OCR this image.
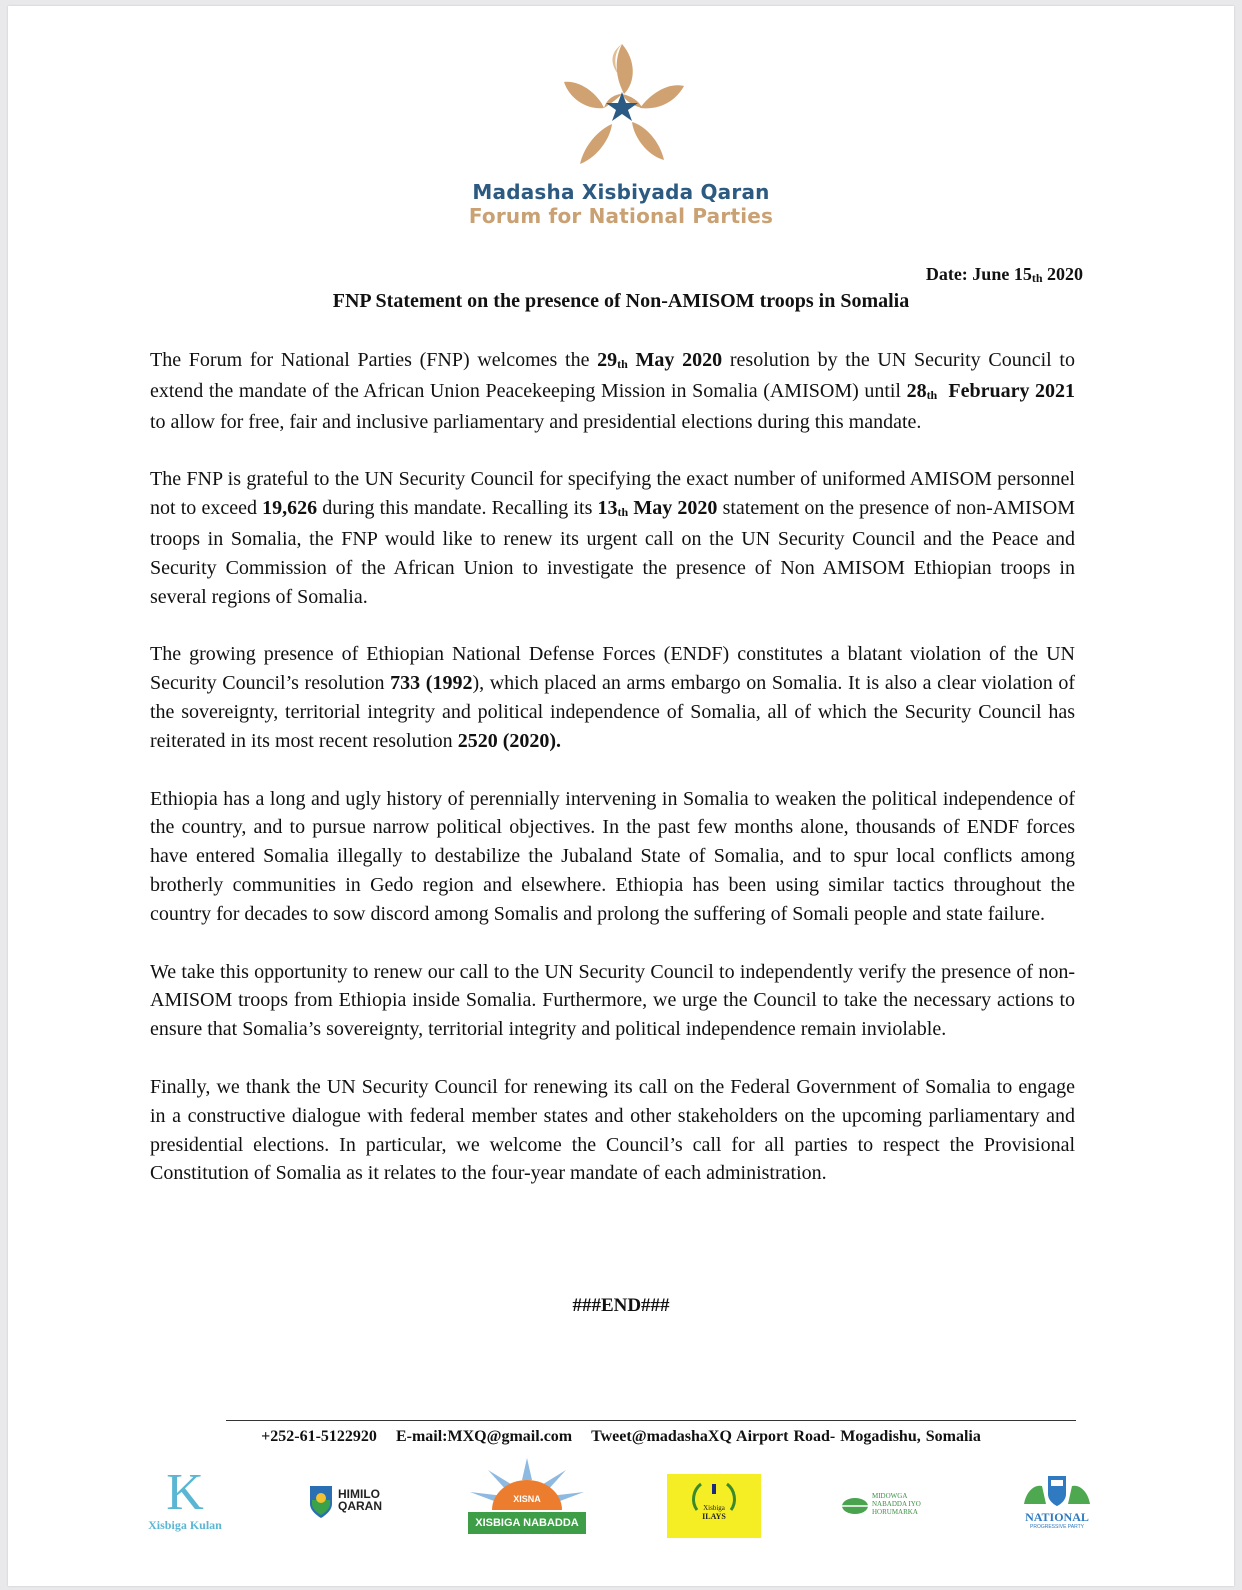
Madasha Xisbiyada Qaran
Forum for National Parties
Date: June $15_{th}$ 2020
FNP Statement on the presence of Non-AMISOM troops in Somalia

The Forum for National Parties (FNP) welcomes the $29_{th}$ May 2020 resolution by the UN Security Council to extend the mandate of the African Union Peacekeeping Mission in Somalia (AMISOM) until $28_{th}$  February 2021 to allow for free, fair and inclusive parliamentary and presidential elections during this mandate.

The FNP is grateful to the UN Security Council for specifying the exact number of uniformed AMISOM personnel not to exceed 19,626 during this mandate. Recalling its $13_{th}$ May 2020 statement on the presence of non-AMISOM troops in Somalia, the FNP would like to renew its urgent call on the UN Security Council and the Peace and Security Commission of the African Union to investigate the presence of Non AMISOM Ethiopian troops in several regions of Somalia.

The growing presence of Ethiopian National Defense Forces (ENDF) constitutes a blatant violation of the UN Security Council’s resolution 733 (1992), which placed an arms embargo on Somalia. It is also a clear violation of the sovereignty, territorial integrity and political independence of Somalia, all of which the Security Council has reiterated in its most recent resolution 2520 (2020).

Ethiopia has a long and ugly history of perennially intervening in Somalia to weaken the political independence of the country, and to pursue narrow political objectives. In the past few months alone, thousands of ENDF forces have entered Somalia illegally to destabilize the Jubaland State of Somalia, and to spur local conflicts among brotherly communities in Gedo region and elsewhere. Ethiopia has been using similar tactics throughout the country for decades to sow discord among Somalis and prolong the suffering of Somali people and state failure.

We take this opportunity to renew our call to the UN Security Council to independently verify the presence of non-AMISOM troops from Ethiopia inside Somalia. Furthermore, we urge the Council to take the necessary actions to ensure that Somalia’s sovereignty, territorial integrity and political independence remain inviolable.

Finally, we thank the UN Security Council for renewing its call on the Federal Government of Somalia to engage in a constructive dialogue with federal member states and other stakeholders on the upcoming parliamentary and presidential elections. In particular, we welcome the Council’s call for all parties to respect the Provisional Constitution of Somalia as it relates to the four-year mandate of each administration.

###END###
+252-61-5122920 E-mail:MXQ@gmail.com Tweet@madashaXQ Airport Road- Mogadishu, Somalia
K
Xisbiga Kulan
HIMILO
QARAN	XISNA
XISBIGA NABADDA
Xisbiga
ILAYS
MIDOWGA
NABADDA IYO
HORUMARKA	NATIONAL
PROGRESSIVE PARTY
